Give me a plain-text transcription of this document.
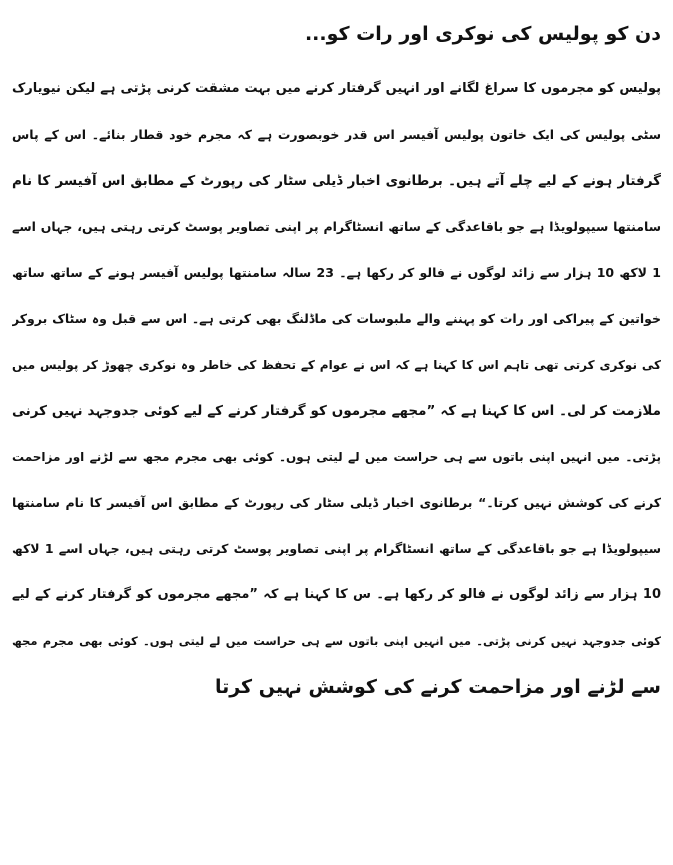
دن کو پولیس کی نوکری اور رات کو...
پولیس کو مجرموں کا سراغ لگانے اور انہیں گرفتار کرنے میں بہت مشقت کرنی پڑتی ہے لیکن نیویارک
سٹی پولیس کی ایک خاتون پولیس آفیسر اس قدر خوبصورت ہے کہ مجرم خود قطار بنائے۔ اس کے پاس
گرفتار ہونے کے لیے چلے آتے ہیں۔ برطانوی اخبار ڈیلی سٹار کی رپورٹ کے مطابق اس آفیسر کا نام
سامنتھا سیپولویڈا ہے جو باقاعدگی کے ساتھ انسٹاگرام پر اپنی تصاویر پوسٹ کرتی رہتی ہیں، جہاں اسے
1 لاکھ 10 ہزار سے زائد لوگوں نے فالو کر رکھا ہے۔ 23 سالہ سامنتھا پولیس آفیسر ہونے کے ساتھ ساتھ
خواتین کے پیراکی اور رات کو پہننے والے ملبوسات کی ماڈلنگ بھی کرتی ہے۔ اس سے قبل وہ سٹاک بروکر
کی نوکری کرتی تھی تاہم اس کا کہنا ہے کہ اس نے عوام کے تحفظ کی خاطر وہ نوکری چھوڑ کر پولیس میں
ملازمت کر لی۔ اس کا کہنا ہے کہ ”مجھے مجرموں کو گرفتار کرنے کے لیے کوئی جدوجہد نہیں کرنی
پڑتی۔ میں انہیں اپنی باتوں سے ہی حراست میں لے لیتی ہوں۔ کوئی بھی مجرم مجھ سے لڑنے اور مزاحمت
کرنے کی کوشش نہیں کرتا۔“ برطانوی اخبار ڈیلی سٹار کی رپورٹ کے مطابق اس آفیسر کا نام سامنتھا
سیپولویڈا ہے جو باقاعدگی کے ساتھ انسٹاگرام پر اپنی تصاویر پوسٹ کرتی رہتی ہیں، جہاں اسے 1 لاکھ
10 ہزار سے زائد لوگوں نے فالو کر رکھا ہے۔ س کا کہنا ہے کہ ”مجھے مجرموں کو گرفتار کرنے کے لیے
کوئی جدوجہد نہیں کرنی پڑتی۔ میں انہیں اپنی باتوں سے ہی حراست میں لے لیتی ہوں۔ کوئی بھی مجرم مجھ
سے لڑنے اور مزاحمت کرنے کی کوشش نہیں کرتا
